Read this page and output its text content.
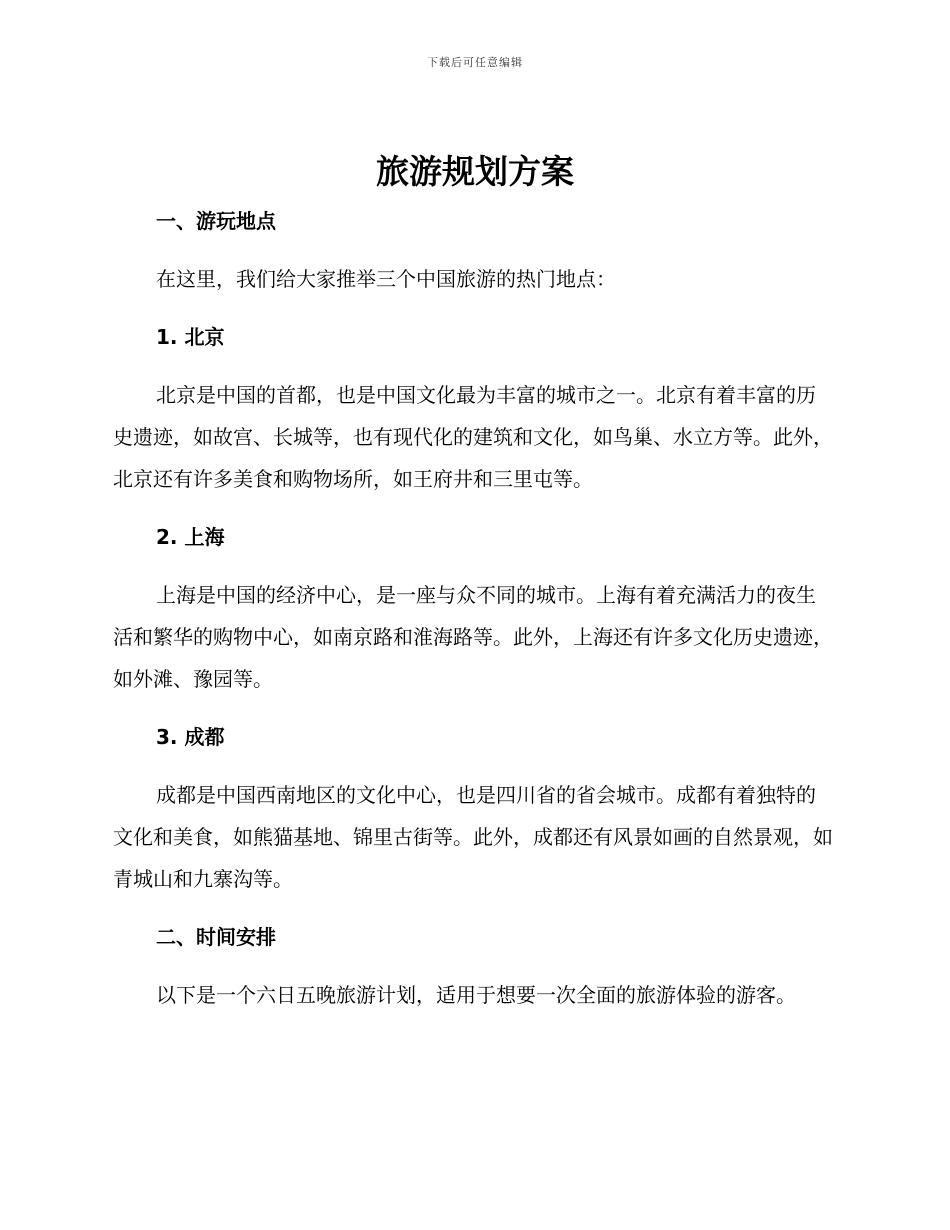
下载后可任意编辑
旅游规划方案

一、游玩地点

在这里，我们给大家推举三个中国旅游的热门地点：

1. 北京

北京是中国的首都，也是中国文化最为丰富的城市之一。北京有着丰富的历史遗迹，如故宫、长城等，也有现代化的建筑和文化，如鸟巢、水立方等。此外，北京还有许多美食和购物场所，如王府井和三里屯等。

2. 上海

上海是中国的经济中心，是一座与众不同的城市。上海有着充满活力的夜生活和繁华的购物中心，如南京路和淮海路等。此外，上海还有许多文化历史遗迹，如外滩、豫园等。

3. 成都

成都是中国西南地区的文化中心，也是四川省的省会城市。成都有着独特的文化和美食，如熊猫基地、锦里古街等。此外，成都还有风景如画的自然景观，如青城山和九寨沟等。

二、时间安排

以下是一个六日五晚旅游计划，适用于想要一次全面的旅游体验的游客。
